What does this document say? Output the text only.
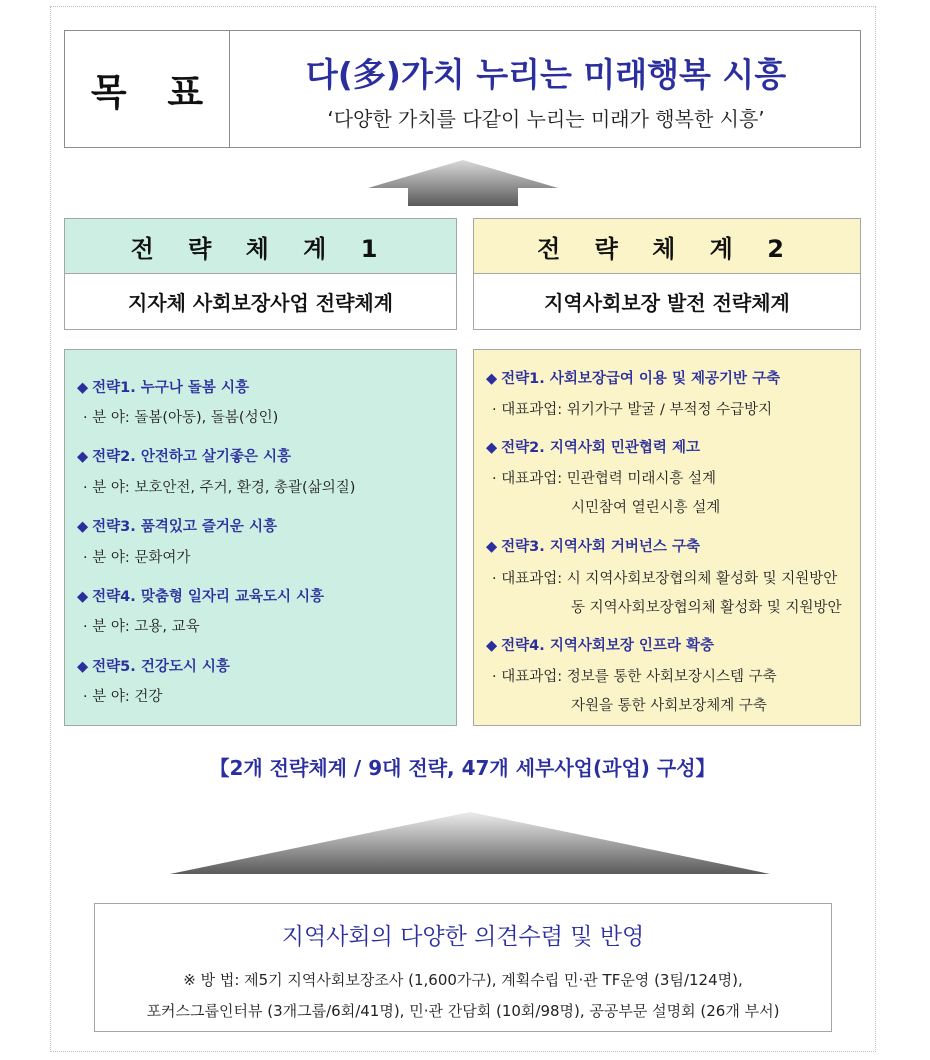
목 표	다(多)가치 누리는 미래행복 시흥
‘다양한 가치를 다같이 누리는 미래가 행복한 시흥’
전 략 체 계 1
지자체 사회보장사업 전략체계
전 략 체 계 2
지역사회보장 발전 전략체계
◆ 전략1. 누구나 돌봄 시흥
· 분 야: 돌봄(아동), 돌봄(성인)
◆ 전략2. 안전하고 살기좋은 시흥
· 분 야: 보호안전, 주거, 환경, 총괄(삶의질)
◆ 전략3. 품격있고 즐거운 시흥
· 분 야: 문화여가
◆ 전략4. 맞춤형 일자리 교육도시 시흥
· 분 야: 고용, 교육
◆ 전략5. 건강도시 시흥
· 분 야: 건강
◆ 전략1. 사회보장급여 이용 및 제공기반 구축
· 대표과업: 위기가구 발굴 / 부적정 수급방지
◆ 전략2. 지역사회 민관협력 제고
· 대표과업: 민관협력 미래시흥 설계
시민참여 열린시흥 설계
◆ 전략3. 지역사회 거버넌스 구축
· 대표과업: 시 지역사회보장협의체 활성화 및 지원방안
동 지역사회보장협의체 활성화 및 지원방안
◆ 전략4. 지역사회보장 인프라 확충
· 대표과업: 정보를 통한 사회보장시스템 구축
자원을 통한 사회보장체계 구축
【2개 전략체계 / 9대 전략, 47개 세부사업(과업) 구성】
지역사회의 다양한 의견수렴 및 반영
※ 방 법: 제5기 지역사회보장조사 (1,600가구), 계획수립 민·관 TF운영 (3팀/124명),
포커스그룹인터뷰 (3개그룹/6회/41명), 민·관 간담회 (10회/98명), 공공부문 설명회 (26개 부서)
